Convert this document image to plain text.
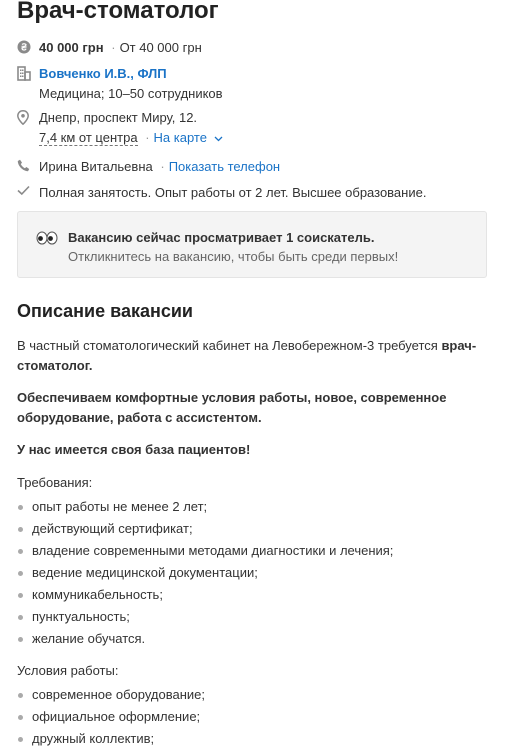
Врач-стоматолог
40 000 грн · От 40 000 грн
Вовченко И.В., ФЛП
Медицина; 10–50 сотрудников
Днепр, проспект Миру, 12.
7,4 км от центра · На карте
Ирина Витальевна · Показать телефон
Полная занятость. Опыт работы от 2 лет. Высшее образование.
Вакансию сейчас просматривает 1 соискатель.
Откликнитесь на вакансию, чтобы быть среди первых!
Описание вакансии

В частный стоматологический кабинет на Левобережном-3 требуется врач-стоматолог.

Обеспечиваем комфортные условия работы, новое, современное оборудование, работа с ассистентом.

У нас имеется своя база пациентов!

Требования:

опыт работы не менее 2 лет;
действующий сертификат;
владение современными методами диагностики и лечения;
ведение медицинской документации;
коммуникабельность;
пунктуальность;
желание обучатся.

Условия работы:

современное оборудование;
официальное оформление;
дружный коллектив;
